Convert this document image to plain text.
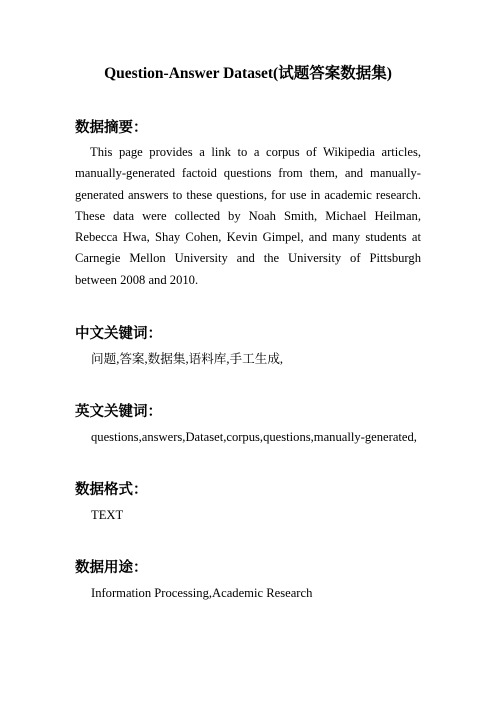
Question-Answer Dataset(试题答案数据集)
数据摘要：

This page provides a link to a corpus of Wikipedia articles, manually-generated factoid questions from them, and manually-generated answers to these questions, for use in academic research. These data were collected by Noah Smith, Michael Heilman, Rebecca Hwa, Shay Cohen, Kevin Gimpel, and many students at Carnegie Mellon University and the University of Pittsburgh between 2008 and 2010.

中文关键词：
问题,答案,数据集,语料库,手工生成,
英文关键词：
questions,answers,Dataset,corpus,questions,manually-generated,
数据格式：
TEXT
数据用途：
Information Processing,Academic Research
